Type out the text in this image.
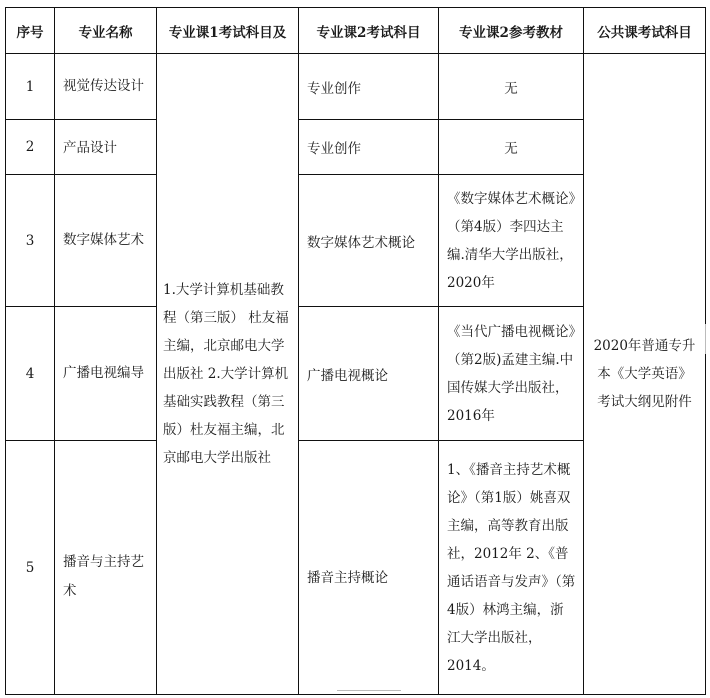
序号	专业名称	专业课1考试科目及	专业课2考试科目	专业课2参考教材	公共课考试科目
1	视觉传达设计	1.大学计算机基础教程（第三版） 杜友福主编，北京邮电大学出版社 2.大学计算机基础实践教程（第三版）杜友福主编，北京邮电大学出版社	专业创作	无	2020年普通专升本《大学英语》考试大纲见附件
2	产品设计		专业创作	无	
3	数字媒体艺术		数字媒体艺术概论	《数字媒体艺术概论》（第4版）李四达主编.清华大学出版社，2020年	
4	广播电视编导		广播电视概论	《当代广播电视概论》（第2版)孟建主编.中国传媒大学出版社，2016年	
5	播音与主持艺术		播音主持概论	1、《播音主持艺术概论》（第1版）姚喜双主编，高等教育出版社，2012年 2、《普通话语音与发声》（第4版）林鸿主编，浙江大学出版社，2014。	
